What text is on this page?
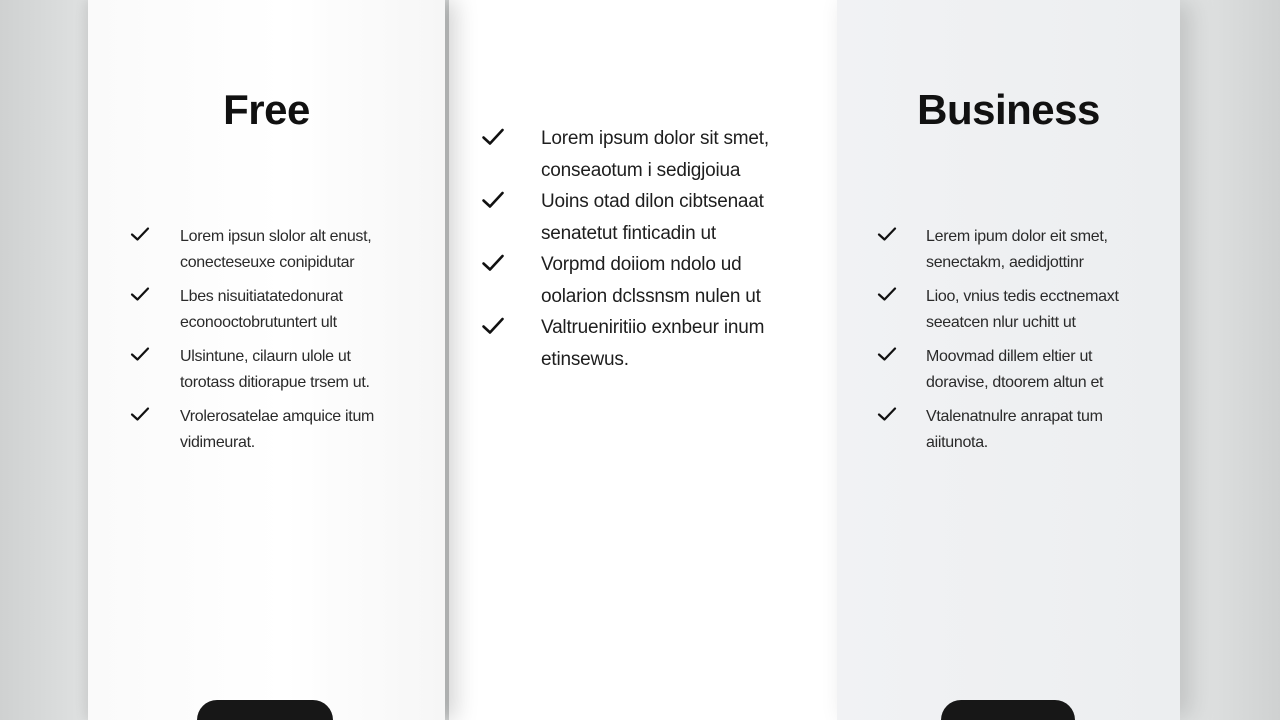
Free
Lorem ipsun slolor alt enust,
conecteseuxe conipidutar
Lbes nisuitiatatedonurat
econooctobrutuntert ult
Ulsintune, cilaurn ulole ut
torotass ditiorapue trsem ut.
Vrolerosatelae amquice itum
vidimeurat.
Lorem ipsum dolor sit smet,
conseaotum i sedigjoiua
Uoins otad dilon cibtsenaat
senatetut finticadin ut
Vorpmd doiiom ndolo ud
oolarion dclssnsm nulen ut
Valtrueniritiio exnbeur inum
etinsewus.
Business
Lerem ipum dolor eit smet,
senectakm, aedidjottinr
Lioo, vnius tedis ecctnemaxt
seeatcen nlur uchitt ut
Moovmad dillem eltier ut
doravise, dtoorem altun et
Vtalenatnulre anrapat tum
aiitunota.
